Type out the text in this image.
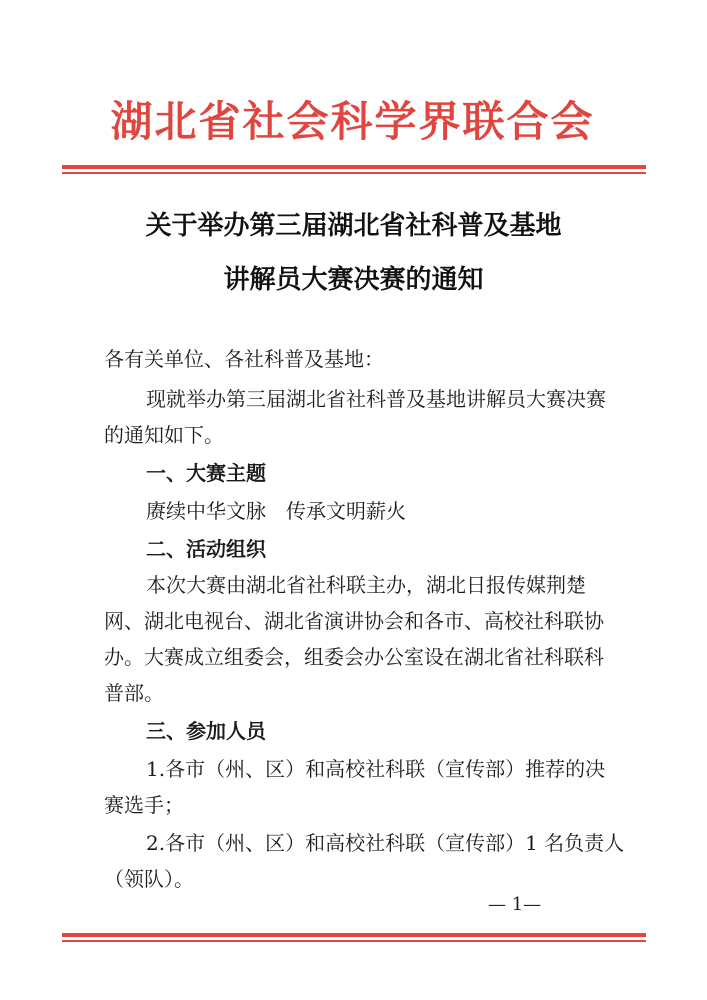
湖北省社会科学界联合会
关于举办第三届湖北省社科普及基地
讲解员大赛决赛的通知
各有关单位、各社科普及基地：
现就举办第三届湖北省社科普及基地讲解员大赛决赛
的通知如下。
一、大赛主题
赓续中华文脉　传承文明薪火
二、活动组织
本次大赛由湖北省社科联主办，湖北日报传媒荆楚
网、湖北电视台、湖北省演讲协会和各市、高校社科联协
办。大赛成立组委会，组委会办公室设在湖北省社科联科
普部。
三、参加人员
1.各市（州、区）和高校社科联（宣传部）推荐的决
赛选手；
2.各市（州、区）和高校社科联（宣传部）1 名负责人
（领队）。
— 1—
